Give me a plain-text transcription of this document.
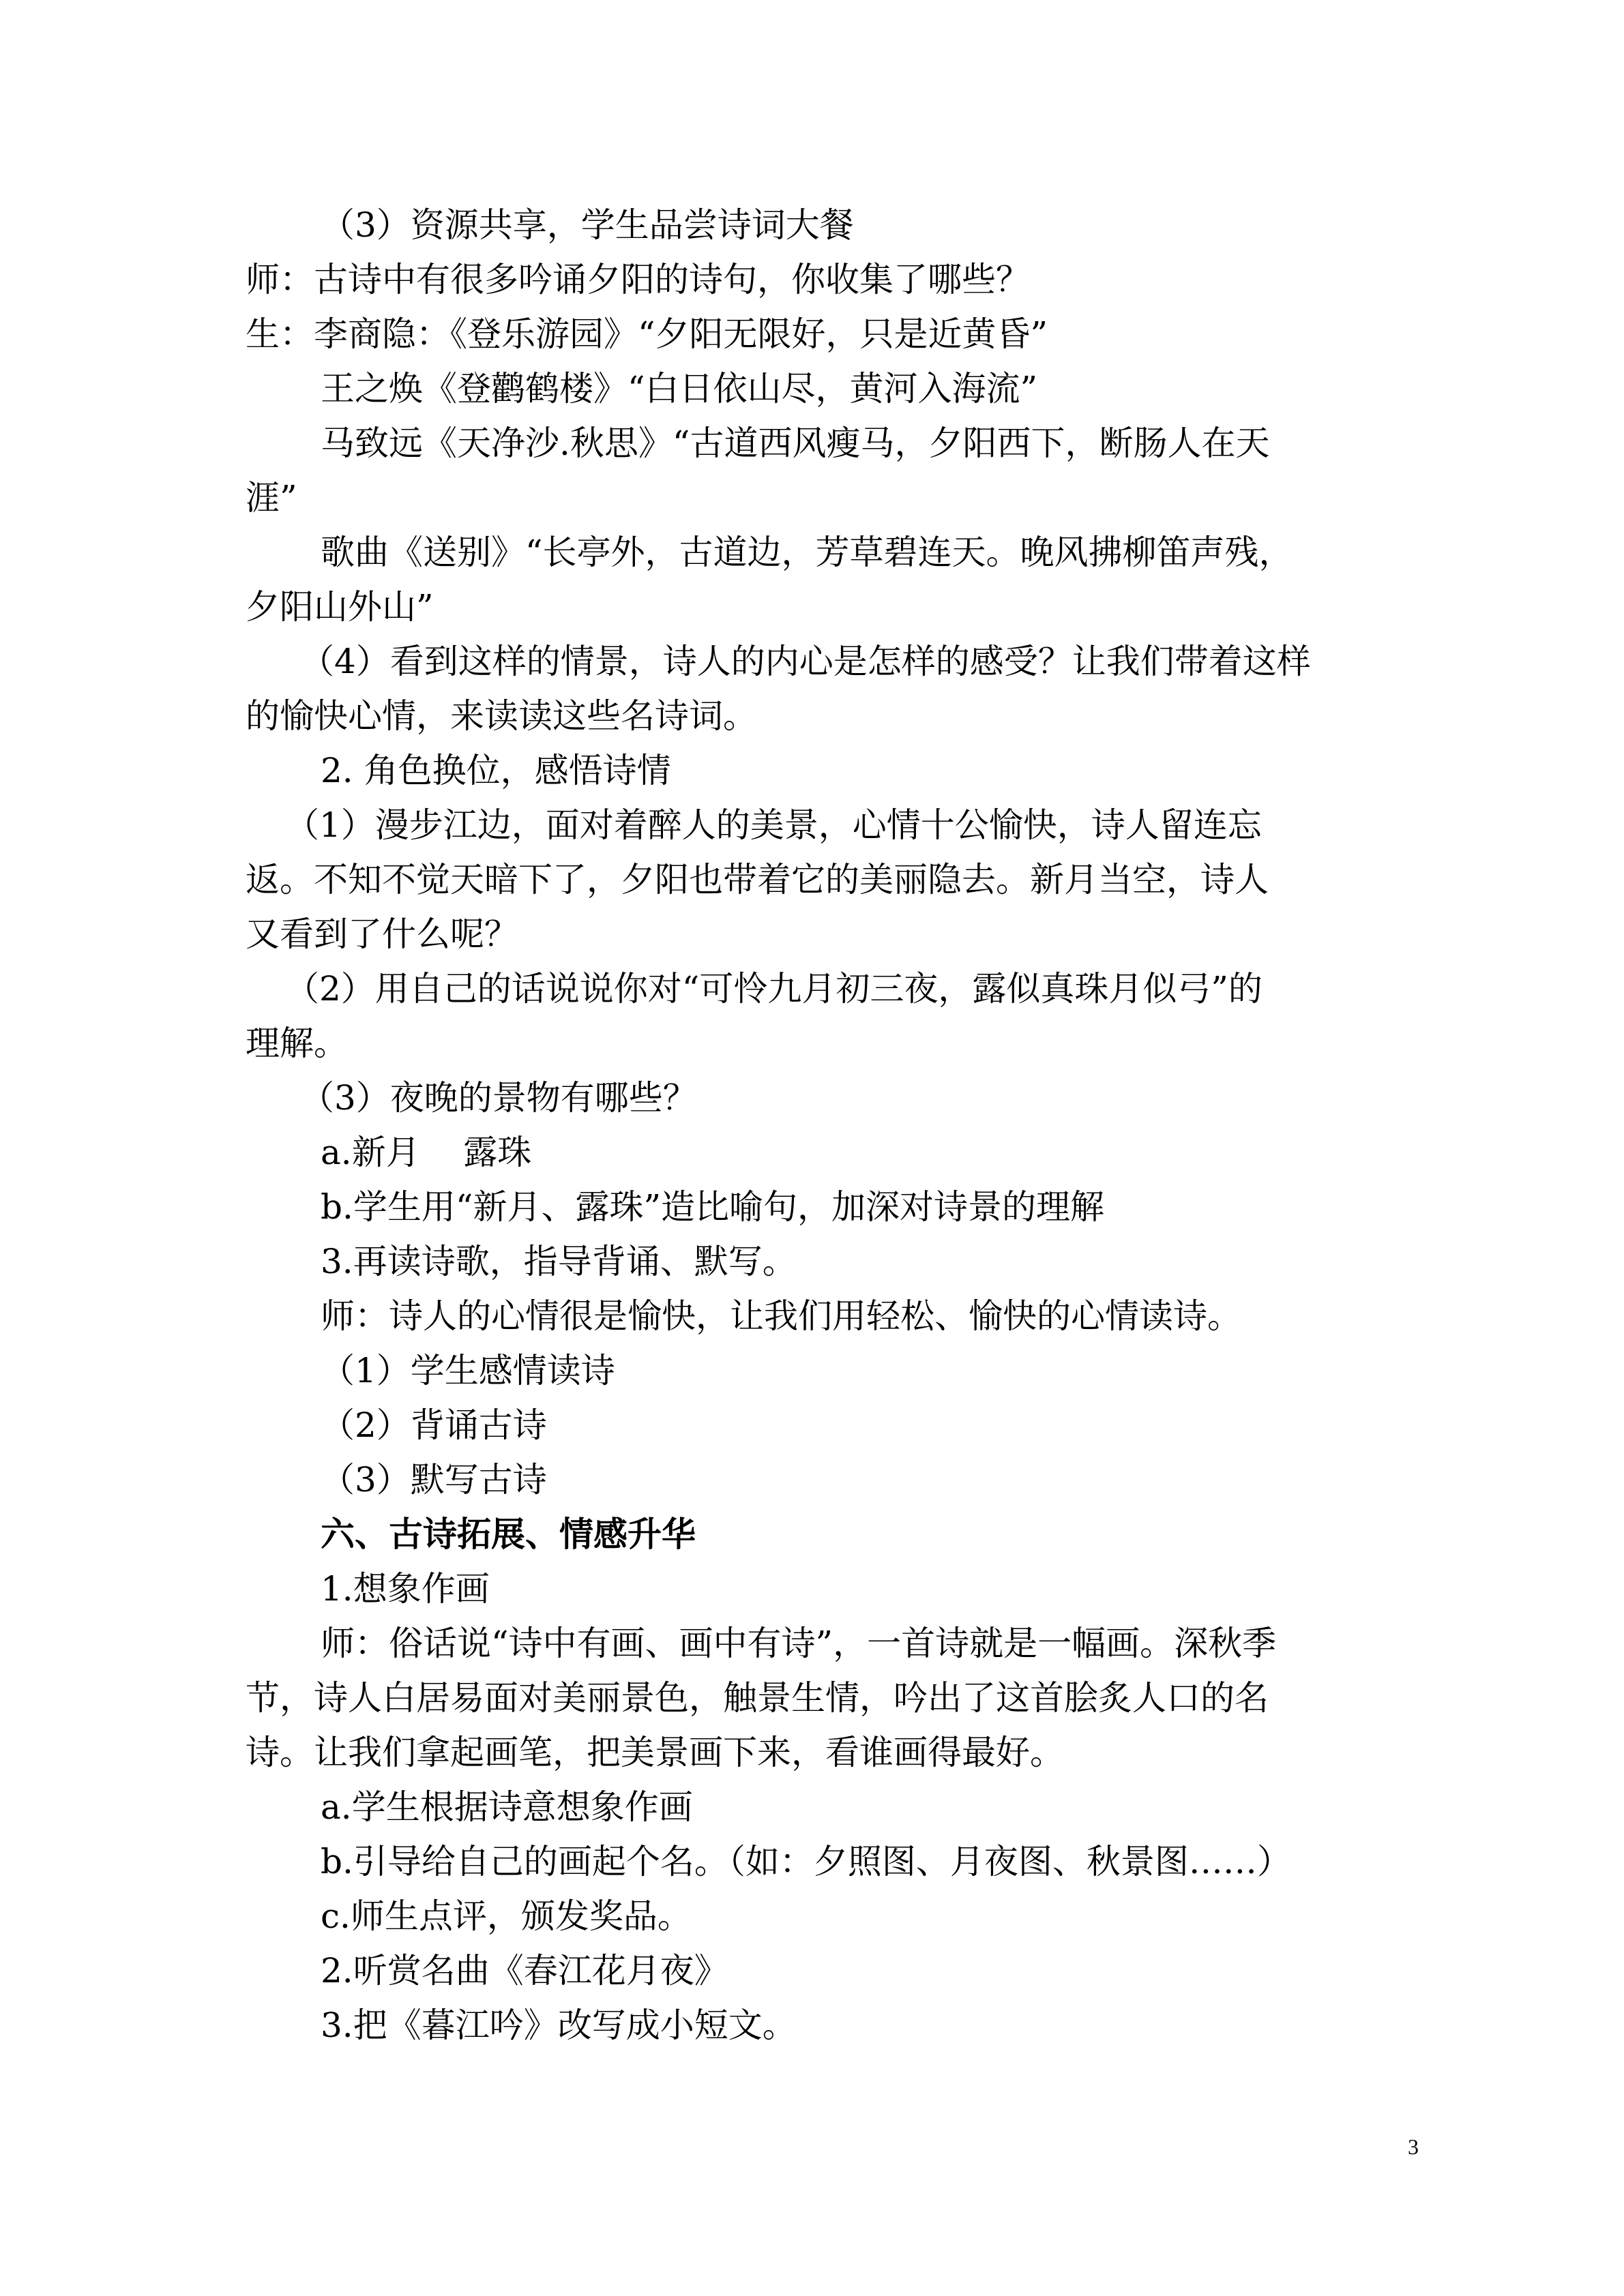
（3）资源共享，学生品尝诗词大餐
师：古诗中有很多吟诵夕阳的诗句，你收集了哪些？
生：李商隐：《登乐游园》“夕阳无限好，只是近黄昏”
王之焕《登鹳鹤楼》“白日依山尽，黄河入海流”
马致远《天净沙.秋思》“古道西风瘦马，夕阳西下，断肠人在天
涯”
歌曲《送别》“长亭外，古道边，芳草碧连天。晚风拂柳笛声残，
夕阳山外山”
（4）看到这样的情景，诗人的内心是怎样的感受？让我们带着这样
的愉快心情，来读读这些名诗词。
2. 角色换位，感悟诗情
（1）漫步江边，面对着醉人的美景，心情十公愉快，诗人留连忘
返。不知不觉天暗下了，夕阳也带着它的美丽隐去。新月当空，诗人
又看到了什么呢？
（2）用自己的话说说你对“可怜九月初三夜，露似真珠月似弓”的
理解。
（3）夜晚的景物有哪些？
a.新月    露珠
b.学生用“新月、露珠”造比喻句，加深对诗景的理解
3.再读诗歌，指导背诵、默写。
师：诗人的心情很是愉快，让我们用轻松、愉快的心情读诗。
（1）学生感情读诗
（2）背诵古诗
（3）默写古诗
六、古诗拓展、情感升华
1.想象作画
师：俗话说“诗中有画、画中有诗”，一首诗就是一幅画。深秋季
节，诗人白居易面对美丽景色，触景生情，吟出了这首脍炙人口的名
诗。让我们拿起画笔，把美景画下来，看谁画得最好。
a.学生根据诗意想象作画
b.引导给自己的画起个名。（如：夕照图、月夜图、秋景图……）
c.师生点评，颁发奖品。
2.听赏名曲《春江花月夜》
3.把《暮江吟》改写成小短文。
3
